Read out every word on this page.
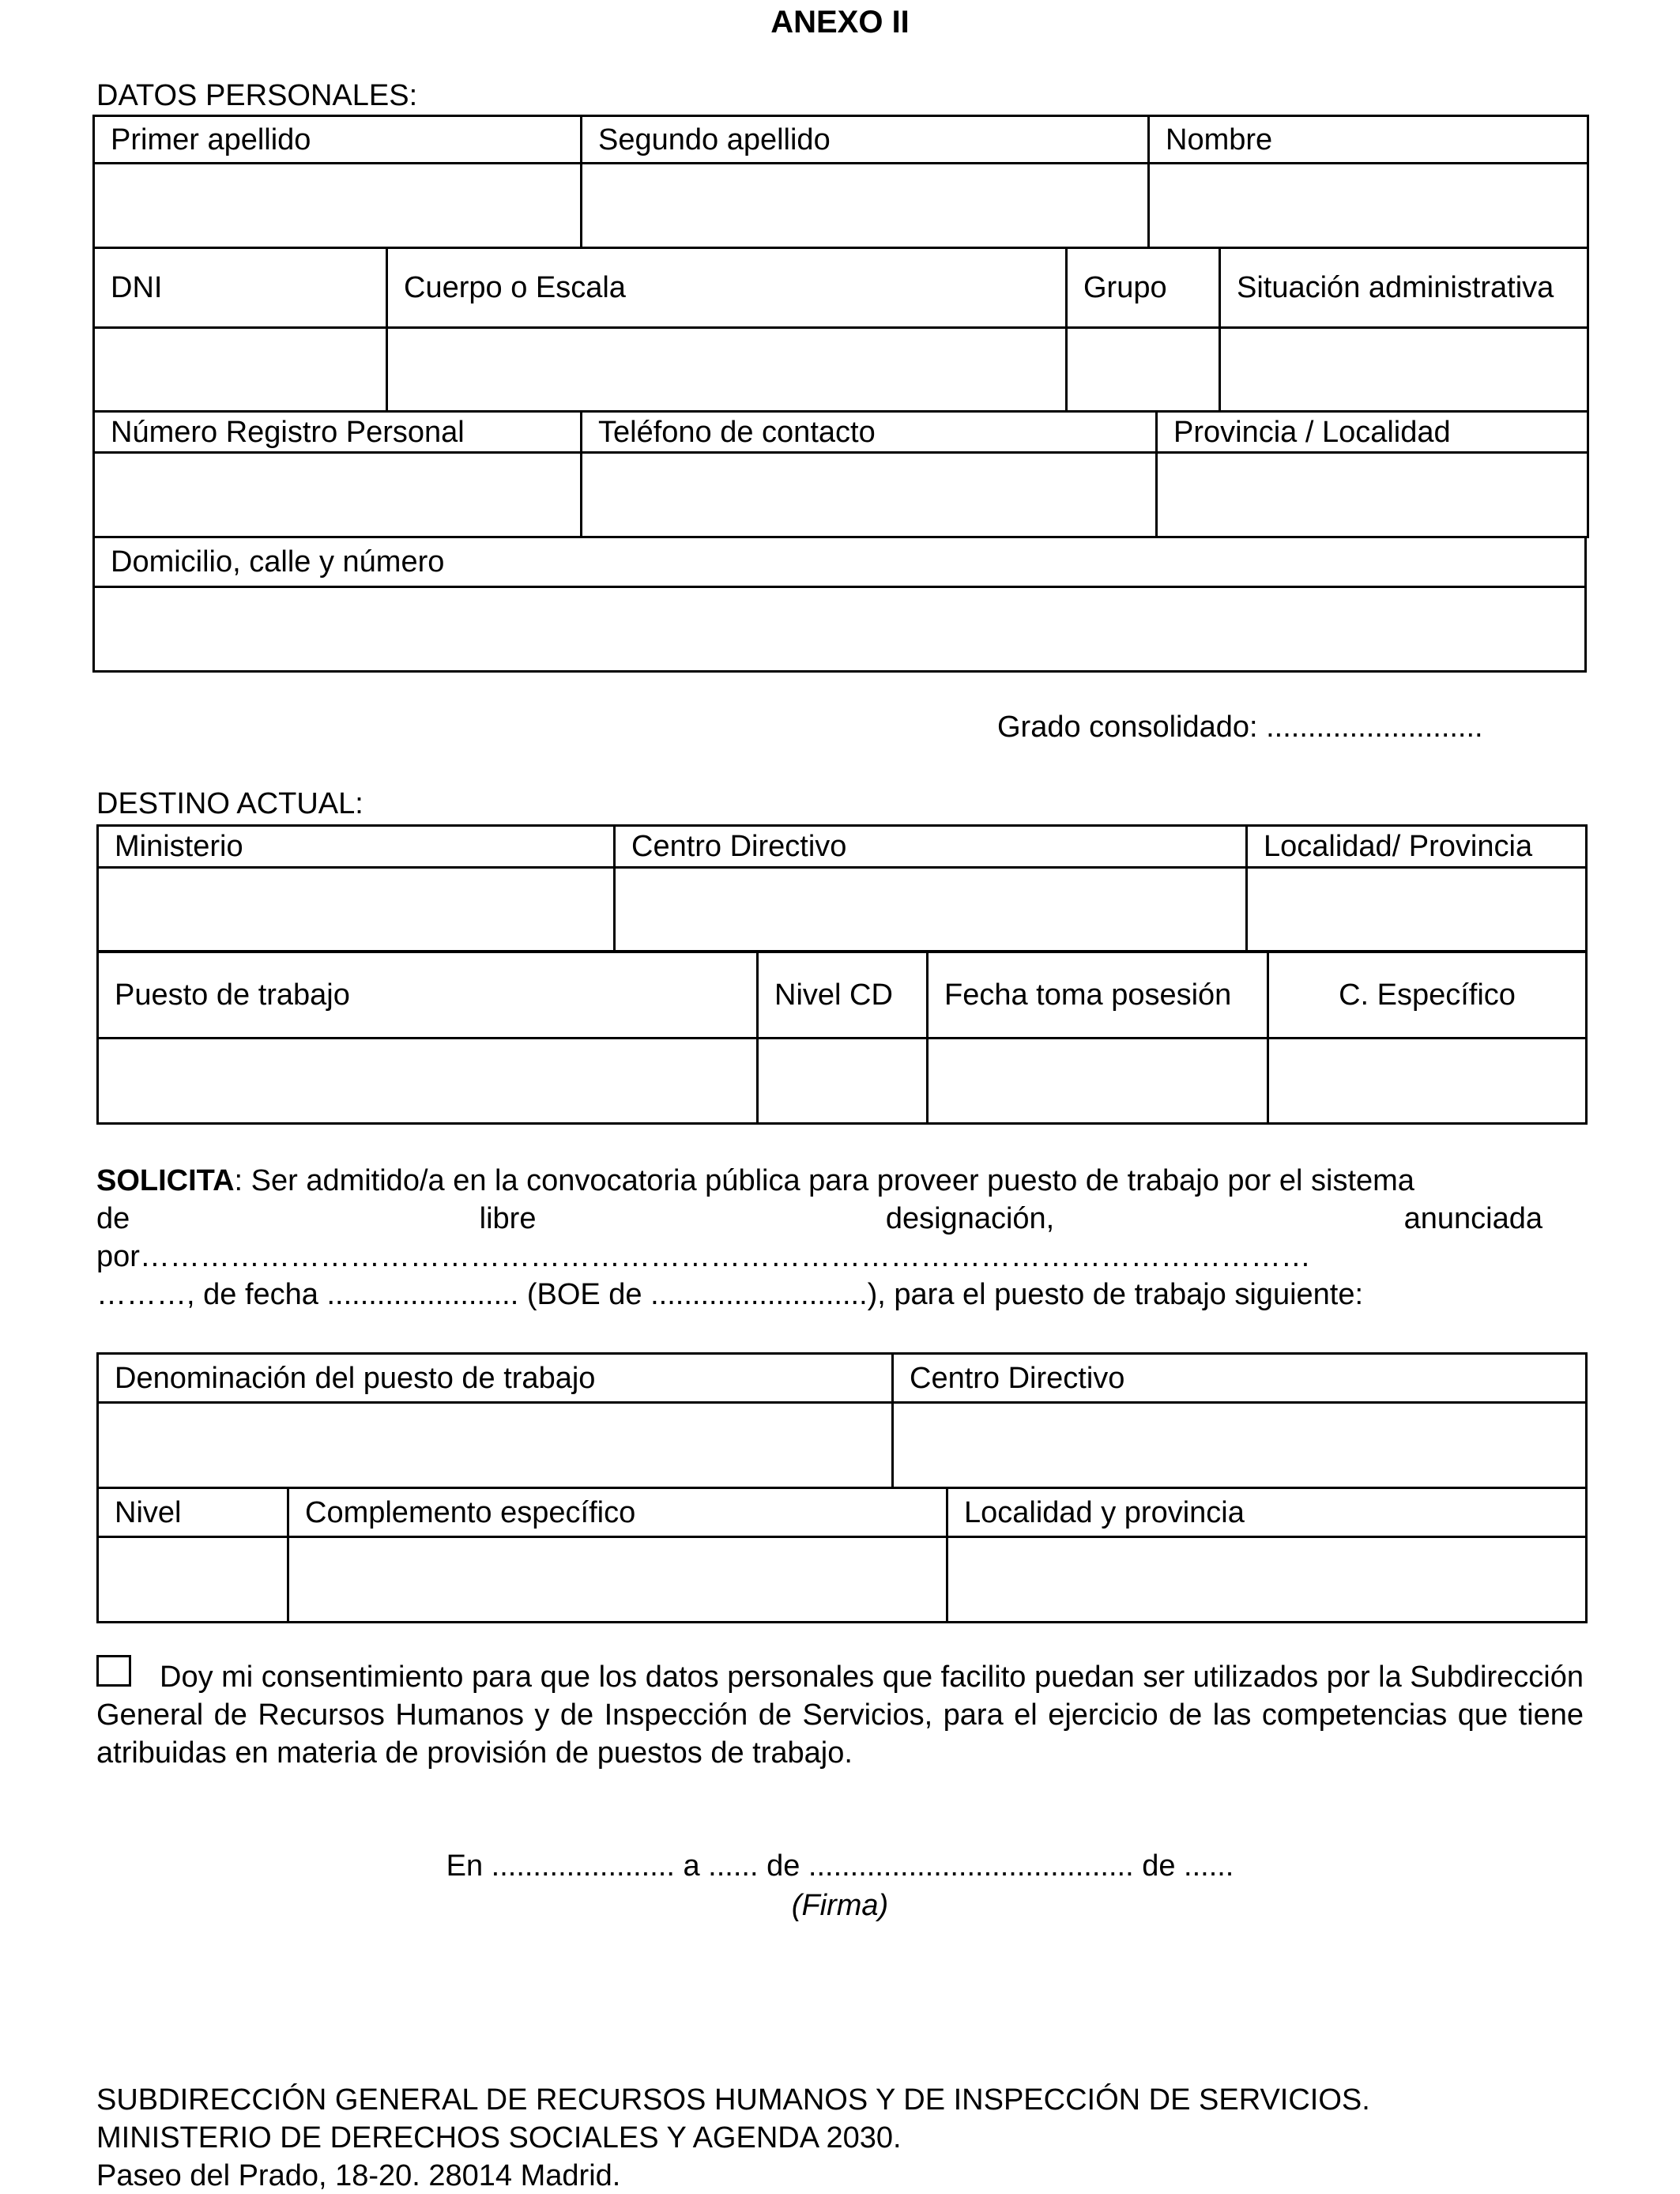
ANEXO II
DATOS PERSONALES:
Primer apellido	Segundo apellido	Nombre

DNI	Cuerpo o Escala	Grupo	Situación administrativa

Número Registro Personal	Teléfono de contacto	Provincia / Localidad

Domicilio, calle y número

Grado consolidado: ..........................
DESTINO ACTUAL:
Ministerio	Centro Directivo	Localidad/ Provincia

Puesto de trabajo	Nivel CD	Fecha toma posesión	C. Específico

SOLICITA: Ser admitido/a en la convocatoria pública para proveer puesto de trabajo por el sistema
de	libre	designación,	anunciada
por………………………………………………………………………………………………………
………, de fecha ....................... (BOE de ..........................), para el puesto de trabajo siguiente:
Denominación del puesto de trabajo	Centro Directivo

Nivel	Complemento específico	Localidad y provincia

Doy mi consentimiento para que los datos personales que facilito puedan ser utilizados por la Subdirección General de Recursos Humanos y de Inspección de Servicios, para el ejercicio de las competencias que tiene atribuidas en materia de provisión de puestos de trabajo.
En ...................... a ...... de ....................................... de ......
(Firma)
SUBDIRECCIÓN GENERAL DE RECURSOS HUMANOS Y DE INSPECCIÓN DE SERVICIOS.
MINISTERIO DE DERECHOS SOCIALES Y AGENDA 2030.
Paseo del Prado, 18-20. 28014 Madrid.
